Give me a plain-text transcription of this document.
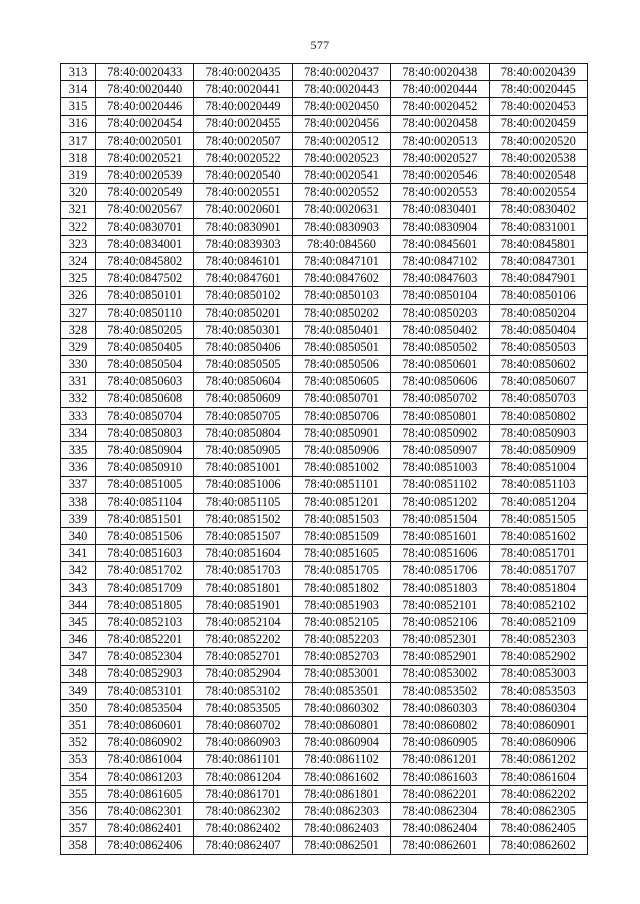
577
313	78:40:0020433	78:40:0020435	78:40:0020437	78:40:0020438	78:40:0020439
314	78:40:0020440	78:40:0020441	78:40:0020443	78:40:0020444	78:40:0020445
315	78:40:0020446	78:40:0020449	78:40:0020450	78:40:0020452	78:40:0020453
316	78:40:0020454	78:40:0020455	78:40:0020456	78:40:0020458	78:40:0020459
317	78:40:0020501	78:40:0020507	78:40:0020512	78:40:0020513	78:40:0020520
318	78:40:0020521	78:40:0020522	78:40:0020523	78:40:0020527	78:40:0020538
319	78:40:0020539	78:40:0020540	78:40:0020541	78:40:0020546	78:40:0020548
320	78:40:0020549	78:40:0020551	78:40:0020552	78:40:0020553	78:40:0020554
321	78:40:0020567	78:40:0020601	78:40:0020631	78:40:0830401	78:40:0830402
322	78:40:0830701	78:40:0830901	78:40:0830903	78:40:0830904	78:40:0831001
323	78:40:0834001	78:40:0839303	78:40:084560	78:40:0845601	78:40:0845801
324	78:40:0845802	78:40:0846101	78:40:0847101	78:40:0847102	78:40:0847301
325	78:40:0847502	78:40:0847601	78:40:0847602	78:40:0847603	78:40:0847901
326	78:40:0850101	78:40:0850102	78:40:0850103	78:40:0850104	78:40:0850106
327	78:40:0850110	78:40:0850201	78:40:0850202	78:40:0850203	78:40:0850204
328	78:40:0850205	78:40:0850301	78:40:0850401	78:40:0850402	78:40:0850404
329	78:40:0850405	78:40:0850406	78:40:0850501	78:40:0850502	78:40:0850503
330	78:40:0850504	78:40:0850505	78:40:0850506	78:40:0850601	78:40:0850602
331	78:40:0850603	78:40:0850604	78:40:0850605	78:40:0850606	78:40:0850607
332	78:40:0850608	78:40:0850609	78:40:0850701	78:40:0850702	78:40:0850703
333	78:40:0850704	78:40:0850705	78:40:0850706	78:40:0850801	78:40:0850802
334	78:40:0850803	78:40:0850804	78:40:0850901	78:40:0850902	78:40:0850903
335	78:40:0850904	78:40:0850905	78:40:0850906	78:40:0850907	78:40:0850909
336	78:40:0850910	78:40:0851001	78:40:0851002	78:40:0851003	78:40:0851004
337	78:40:0851005	78:40:0851006	78:40:0851101	78:40:0851102	78:40:0851103
338	78:40:0851104	78:40:0851105	78:40:0851201	78:40:0851202	78:40:0851204
339	78:40:0851501	78:40:0851502	78:40:0851503	78:40:0851504	78:40:0851505
340	78:40:0851506	78:40:0851507	78:40:0851509	78:40:0851601	78:40:0851602
341	78:40:0851603	78:40:0851604	78:40:0851605	78:40:0851606	78:40:0851701
342	78:40:0851702	78:40:0851703	78:40:0851705	78:40:0851706	78:40:0851707
343	78:40:0851709	78:40:0851801	78:40:0851802	78:40:0851803	78:40:0851804
344	78:40:0851805	78:40:0851901	78:40:0851903	78:40:0852101	78:40:0852102
345	78:40:0852103	78:40:0852104	78:40:0852105	78:40:0852106	78:40:0852109
346	78:40:0852201	78:40:0852202	78:40:0852203	78:40:0852301	78:40:0852303
347	78:40:0852304	78:40:0852701	78:40:0852703	78:40:0852901	78:40:0852902
348	78:40:0852903	78:40:0852904	78:40:0853001	78:40:0853002	78:40:0853003
349	78:40:0853101	78:40:0853102	78:40:0853501	78:40:0853502	78:40:0853503
350	78:40:0853504	78:40:0853505	78:40:0860302	78:40:0860303	78:40:0860304
351	78:40:0860601	78:40:0860702	78:40:0860801	78:40:0860802	78:40:0860901
352	78:40:0860902	78:40:0860903	78:40:0860904	78:40:0860905	78:40:0860906
353	78:40:0861004	78:40:0861101	78:40:0861102	78:40:0861201	78:40:0861202
354	78:40:0861203	78:40:0861204	78:40:0861602	78:40:0861603	78:40:0861604
355	78:40:0861605	78:40:0861701	78:40:0861801	78:40:0862201	78:40:0862202
356	78:40:0862301	78:40:0862302	78:40:0862303	78:40:0862304	78:40:0862305
357	78:40:0862401	78:40:0862402	78:40:0862403	78:40:0862404	78:40:0862405
358	78:40:0862406	78:40:0862407	78:40:0862501	78:40:0862601	78:40:0862602
